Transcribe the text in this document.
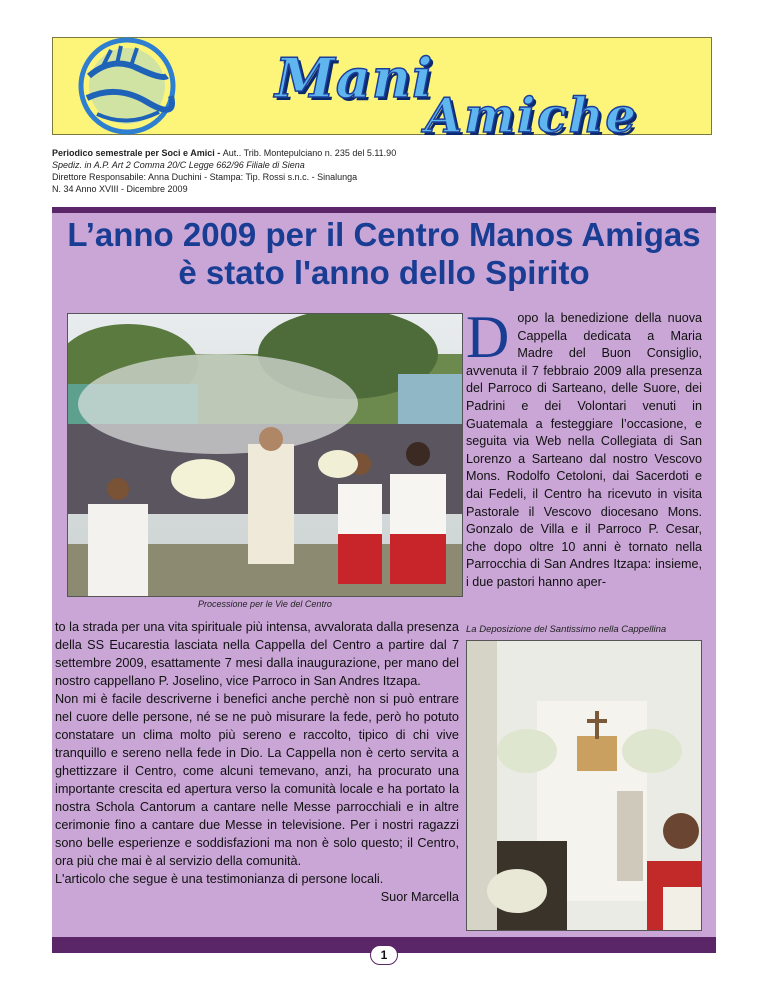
Mani
Amiche
Periodico semestrale per Soci e Amici - Aut.. Trib. Montepulciano n. 235 del 5.11.90
Spediz. in A.P. Art 2 Comma 20/C Legge 662/96 Filiale di Siena
Direttore Responsabile: Anna Duchini - Stampa: Tip. Rossi s.n.c. - Sinalunga
N. 34 Anno XVIII - Dicembre 2009
1
L’anno 2009 per il Centro Manos Amigas
è stato l'anno dello Spirito
Processione per le Vie del Centro
D opo la benedizione della nuova Cappella dedicata a Maria Madre del Buon Consiglio, avvenuta il 7 febbraio 2009 alla presenza del Parroco di Sarteano, delle Suore, dei Padrini e dei Volontari venuti in Guatemala a festeggiare l’occasione, e seguita via Web nella Collegiata di San Lorenzo a Sarteano dal nostro Vescovo Mons. Rodolfo Cetoloni, dai Sacerdoti e dai Fedeli, il Centro ha ricevuto in visita Pastorale il Vescovo diocesano Mons. Gonzalo de Villa e il Parroco P. Cesar, che dopo oltre 10 anni è tornato nella Parrocchia di San Andres Itzapa: insieme, i due pastori hanno aper-
La Deposizione del Santissimo nella Cappellina

to la strada per una vita spirituale più intensa, avvalorata dalla presenza della SS Eucarestia lasciata nella Cappella del Centro a partire dal 7 settembre 2009, esattamente 7 mesi dalla inaugurazione, per mano del nostro cappellano P. Joselino, vice Parroco in San Andres Itzapa.

Non mi è facile descriverne i benefici anche perchè non si può entrare nel cuore delle persone, né se ne può misurare la fede, però ho potuto constatare un clima molto più sereno e raccolto, tipico di chi vive tranquillo e sereno nella fede in Dio. La Cappella non è certo servita a ghettizzare il Centro, come alcuni temevano, anzi, ha procurato una importante crescita ed apertura verso la comunità locale e ha portato la nostra Schola Cantorum a cantare nelle Messe parrocchiali e in altre cerimonie fino a cantare due Messe in televisione. Per i nostri ragazzi sono belle esperienze e soddisfazioni ma non è solo questo; il Centro, ora più che mai è al servizio della comunità.

L'articolo che segue è una testimonianza di persone locali.

Suor Marcella
